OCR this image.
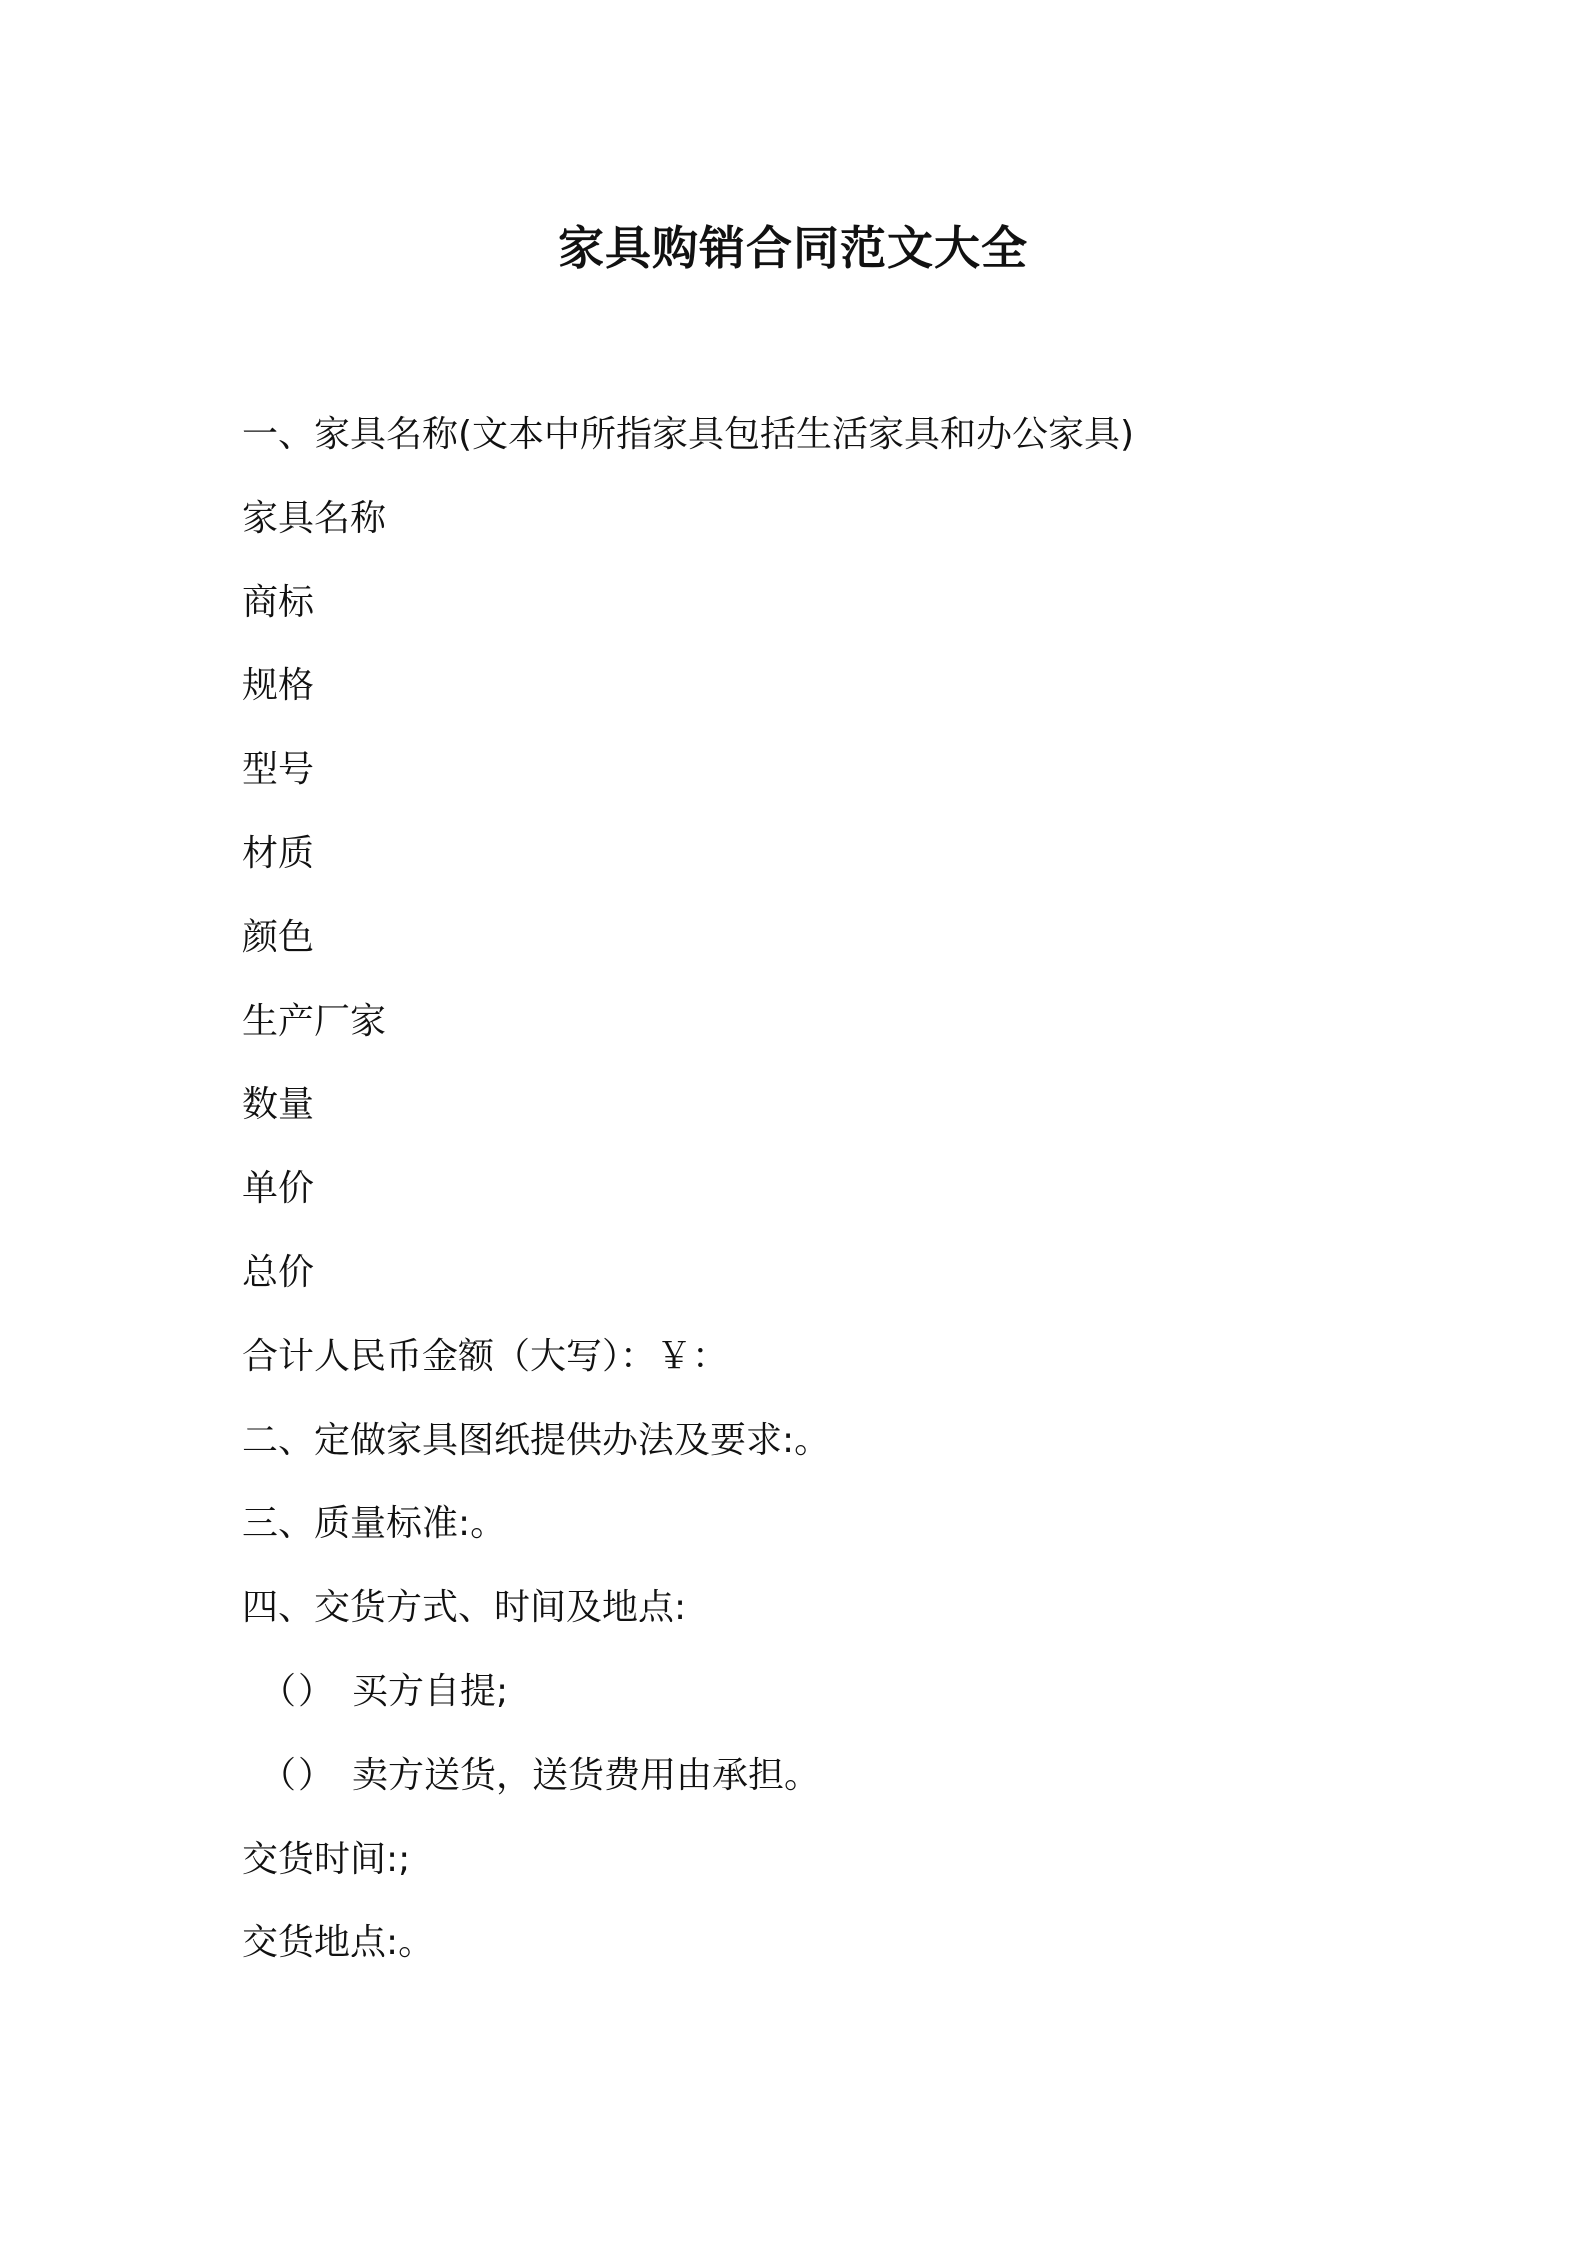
家具购销合同范文大全

一、家具名称(文本中所指家具包括生活家具和办公家具)

家具名称

商标

规格

型号

材质

颜色

生产厂家

数量

单价

总价

合计人民币金额（大写）：￥：

二、定做家具图纸提供办法及要求:。

三、质量标准:。

四、交货方式、时间及地点:

（ ） 买方自提;

（ ） 卖方送货，送货费用由承担。

交货时间:;

交货地点:。
